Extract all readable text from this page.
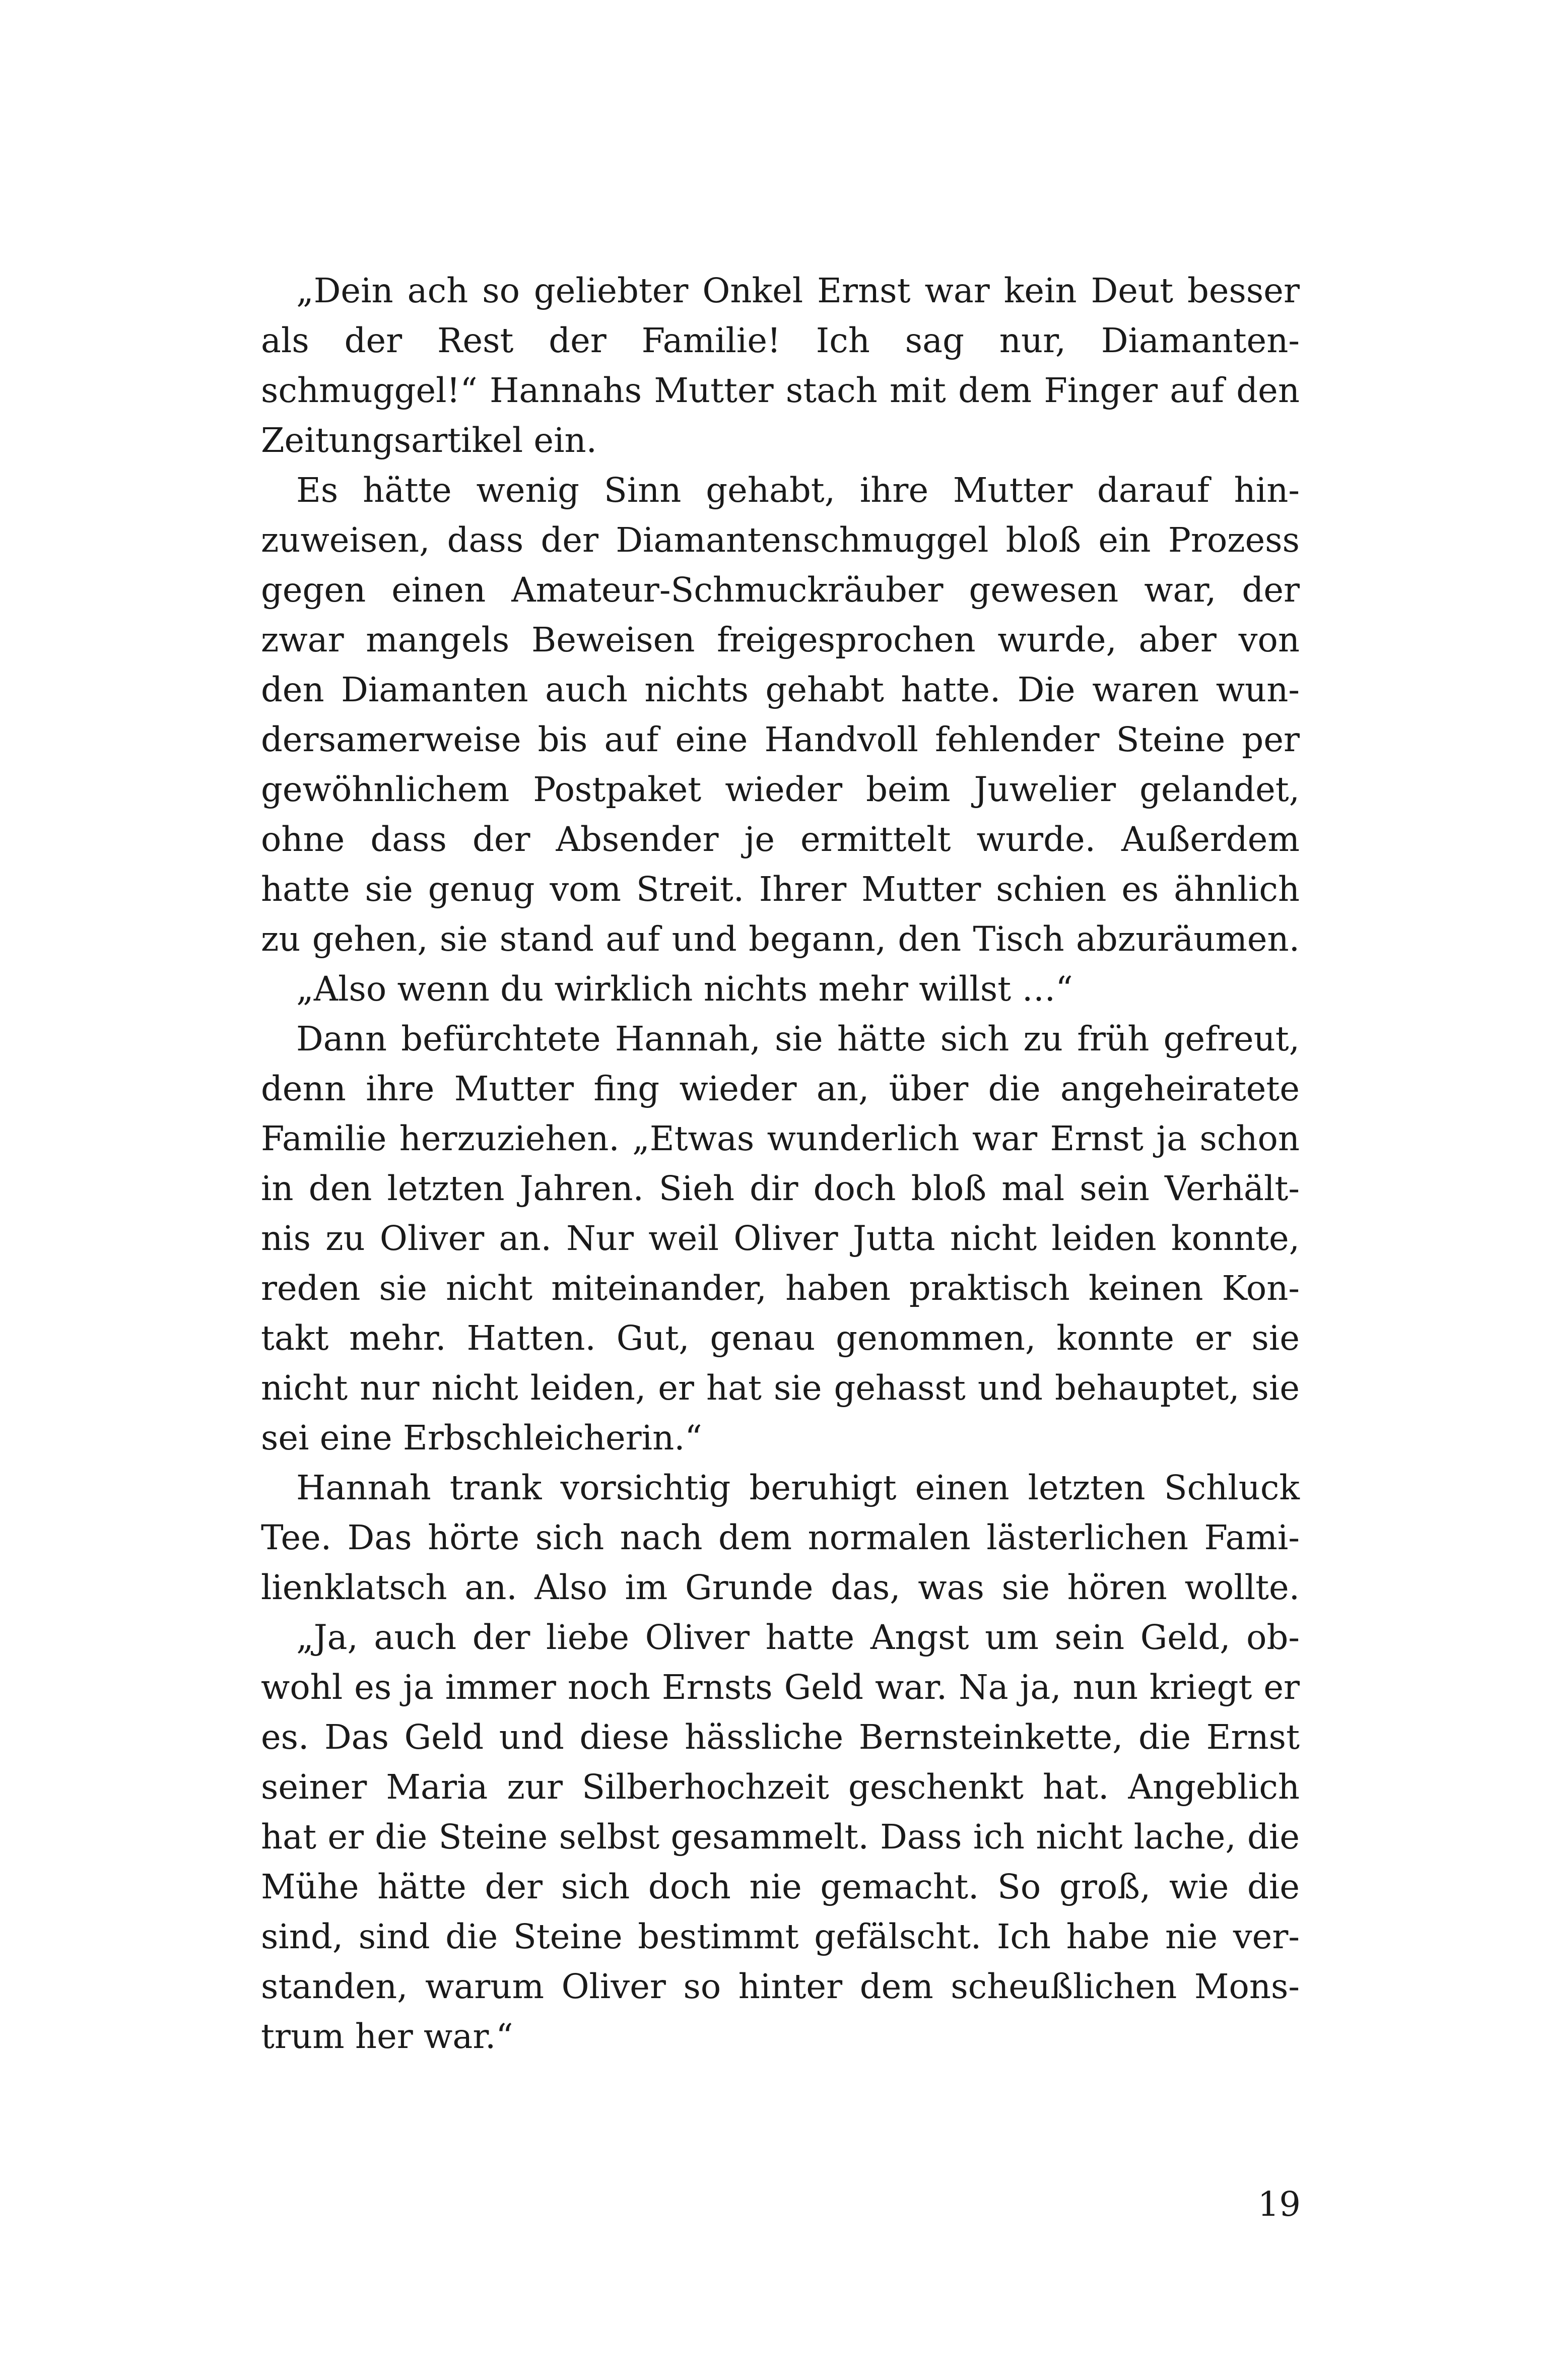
„Dein ach so geliebter Onkel Ernst war kein Deut besser
als der Rest der Familie! Ich sag nur, Diamanten-
schmuggel!“ Hannahs Mutter stach mit dem Finger auf den
Zeitungsartikel ein.
Es hätte wenig Sinn gehabt, ihre Mutter darauf hin-
zuweisen, dass der Diamantenschmuggel bloß ein Prozess
gegen einen Amateur-Schmuckräuber gewesen war, der
zwar mangels Beweisen freigesprochen wurde, aber von
den Diamanten auch nichts gehabt hatte. Die waren wun-
dersamerweise bis auf eine Handvoll fehlender Steine per
gewöhnlichem Postpaket wieder beim Juwelier gelandet,
ohne dass der Absender je ermittelt wurde. Außerdem
hatte sie genug vom Streit. Ihrer Mutter schien es ähnlich
zu gehen, sie stand auf und begann, den Tisch abzuräumen.
„Also wenn du wirklich nichts mehr willst …“
Dann befürchtete Hannah, sie hätte sich zu früh gefreut,
denn ihre Mutter fing wieder an, über die angeheiratete
Familie herzuziehen. „Etwas wunderlich war Ernst ja schon
in den letzten Jahren. Sieh dir doch bloß mal sein Verhält-
nis zu Oliver an. Nur weil Oliver Jutta nicht leiden konnte,
reden sie nicht miteinander, haben praktisch keinen Kon-
takt mehr. Hatten. Gut, genau genommen, konnte er sie
nicht nur nicht leiden, er hat sie gehasst und behauptet, sie
sei eine Erbschleicherin.“
Hannah trank vorsichtig beruhigt einen letzten Schluck
Tee. Das hörte sich nach dem normalen lästerlichen Fami-
lienklatsch an. Also im Grunde das, was sie hören wollte.
„Ja, auch der liebe Oliver hatte Angst um sein Geld, ob-
wohl es ja immer noch Ernsts Geld war. Na ja, nun kriegt er
es. Das Geld und diese hässliche Bernsteinkette, die Ernst
seiner Maria zur Silberhochzeit geschenkt hat. Angeblich
hat er die Steine selbst gesammelt. Dass ich nicht lache, die
Mühe hätte der sich doch nie gemacht. So groß, wie die
sind, sind die Steine bestimmt gefälscht. Ich habe nie ver-
standen, warum Oliver so hinter dem scheußlichen Mons-
trum her war.“
19
